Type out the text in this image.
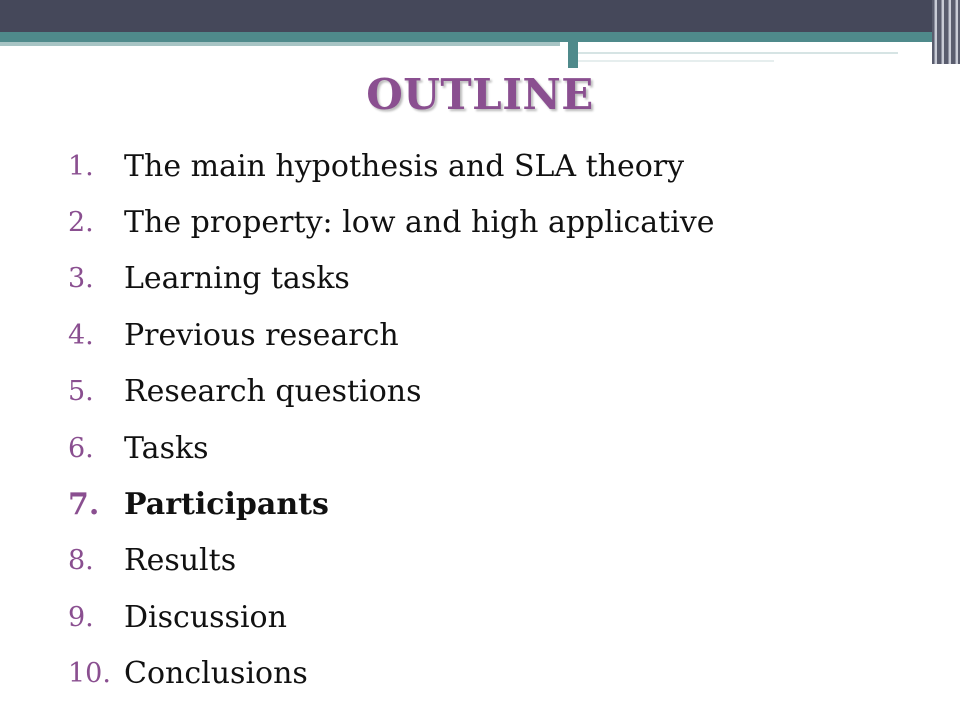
OUTLINE
1.	The main hypothesis and SLA theory
2.	The property: low and high applicative
3.	Learning tasks
4.	Previous research
5.	Research questions
6.	Tasks
7. Participants
8.	Results
9.	Discussion
10. Conclusions
